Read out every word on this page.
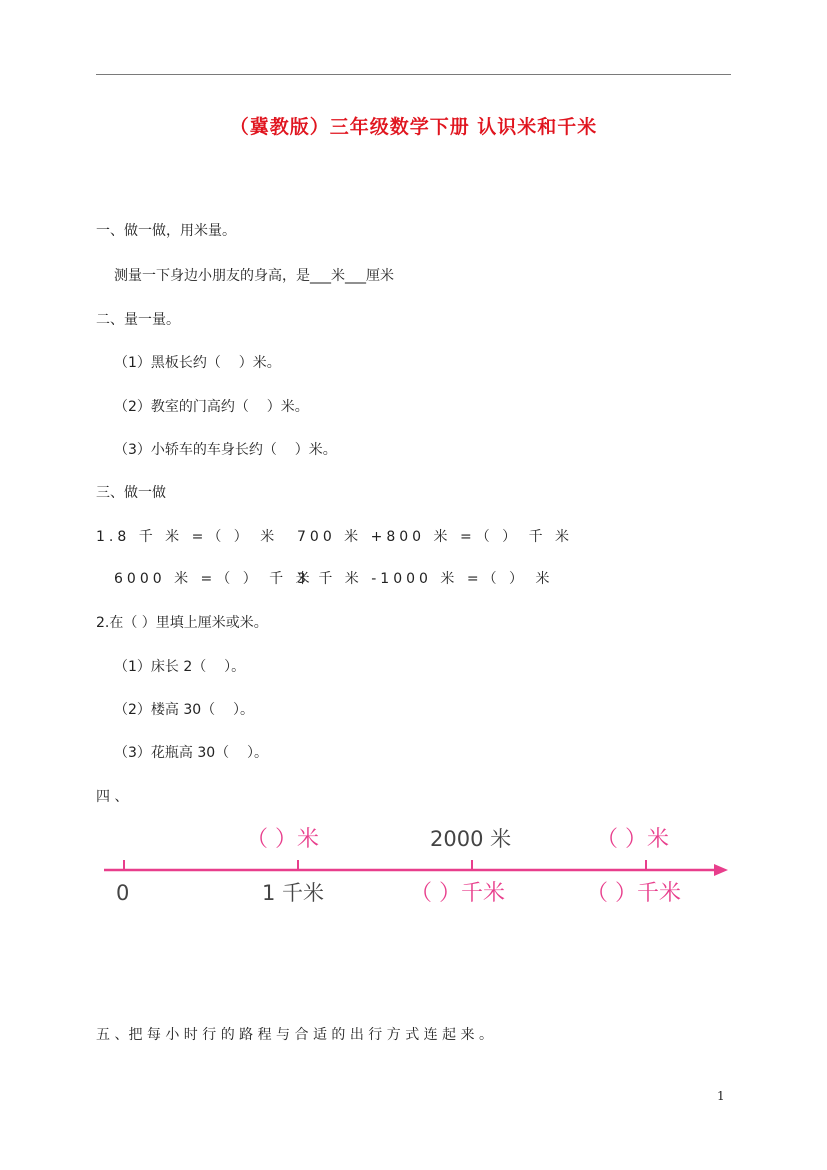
（冀教版）三年级数学下册 认识米和千米
一、做一做，用米量。
测量一下身边小朋友的身高，是___米___厘米
二、量一量。
（1）黑板长约（    ）米。
（2）教室的门高约（    ）米。
（3）小轿车的车身长约（    ）米。
三、做一做
1.8 千 米 =（ ） 米 700 米 +800 米 =（ ） 千 米
6000 米 =（ ） 千 米
3 千 米 -1000 米 =（ ） 米
2.在（ ）里填上厘米或米。
（1）床长 2（    ）。
（2）楼高 30（    ）。
（3）花瓶高 30（    ）。
四 、
（ ）米	2000 米	（ ）米
0	1 千米	（ ）千米	（ ）千米
五 、把 每 小 时 行 的 路 程 与 合 适 的 出 行 方 式 连 起 来 。
1
